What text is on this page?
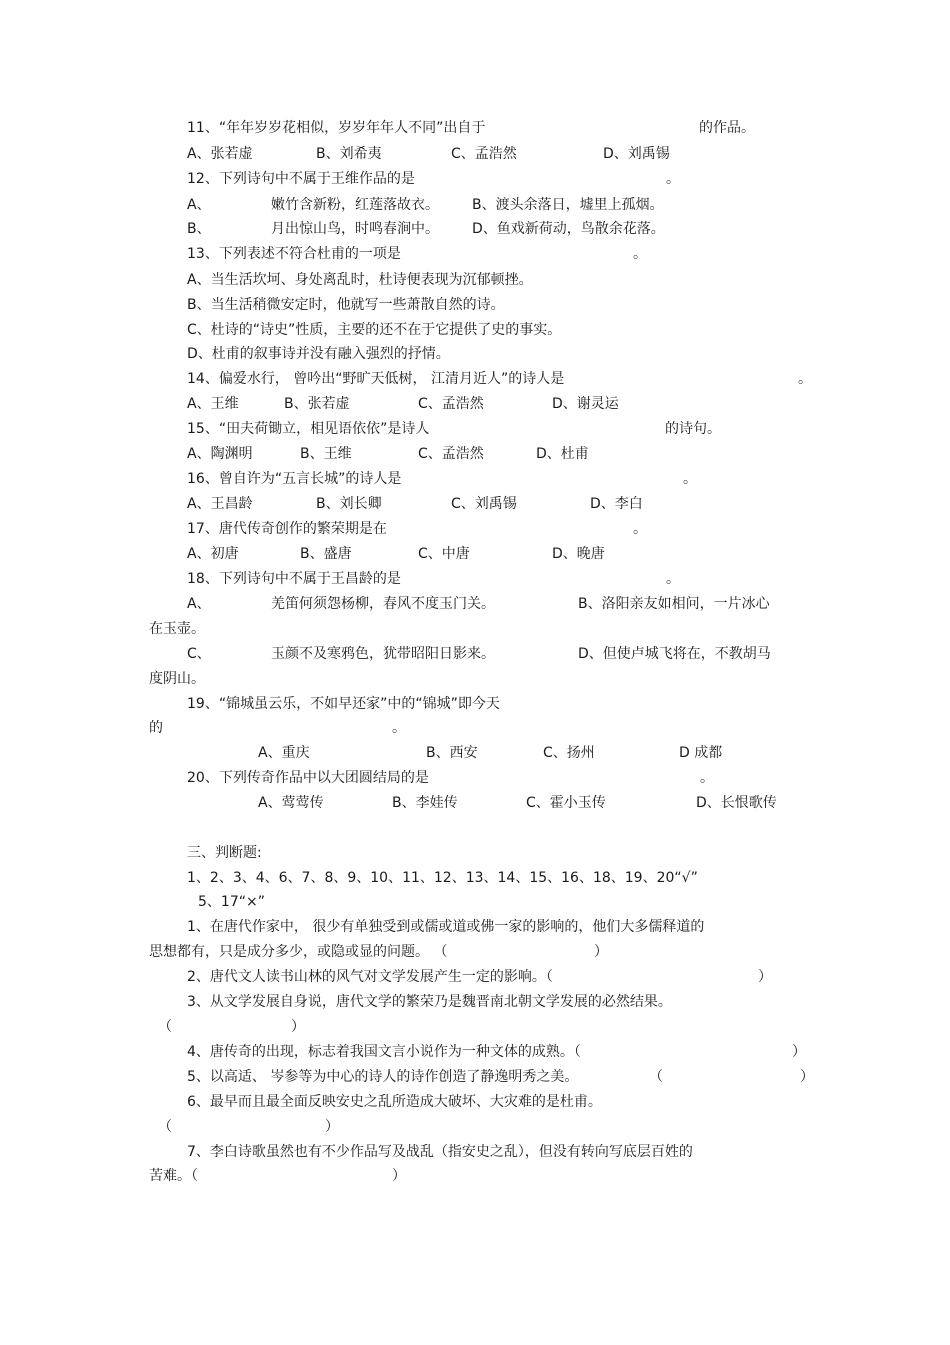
11、“年年岁岁花相似，岁岁年年人不同”出自于	的作品。
A、张若虚	B、刘希夷	C、孟浩然	D、刘禹锡
12、下列诗句中不属于王维作品的是	。
A、	嫩竹含新粉，红莲落故衣。 B、渡头余落日，墟里上孤烟。
B、	月出惊山鸟，时鸣春涧中。 D、鱼戏新荷动，鸟散余花落。
13、下列表述不符合杜甫的一项是	。
A、当生活坎坷、身处离乱时，杜诗便表现为沉郁顿挫。
B、当生活稍微安定时，他就写一些萧散自然的诗。
C、杜诗的“诗史”性质，主要的还不在于它提供了史的事实。
D、杜甫的叙事诗并没有融入强烈的抒情。
14、偏爱水行， 曾吟出“野旷天低树， 江清月近人”的诗人是	。
A、王维	B、张若虚	C、孟浩然	D、谢灵运
15、“田夫荷锄立，相见语依依”是诗人	的诗句。
A、陶渊明	B、王维	C、孟浩然	D、杜甫
16、曾自许为“五言长城”的诗人是	。
A、王昌龄	B、刘长卿	C、刘禹锡	D、李白
17、唐代传奇创作的繁荣期是在	。
A、初唐	B、盛唐	C、中唐	D、晚唐
18、下列诗句中不属于王昌龄的是	。
A、	羌笛何须怨杨柳，春风不度玉门关。	B、洛阳亲友如相问，一片冰心
在玉壶。
C、	玉颜不及寒鸦色，犹带昭阳日影来。	D、但使卢城飞将在，不教胡马
度阴山。
19、“锦城虽云乐，不如早还家”中的“锦城”即今天
的	。
A、重庆	B、西安	C、扬州	D 成都
20、下列传奇作品中以大团圆结局的是	。
A、莺莺传	B、李娃传	C、霍小玉传	D、长恨歌传
三、判断题:
1、2、3、4、6、7、8、9、10、11、12、13、14、15、16、18、19、20“√”
5、17“×”
1、在唐代作家中， 很少有单独受到或儒或道或佛一家的影响的，他们大多儒释道的
思想都有，只是成分多少，或隐或显的问题。 （	）
2、唐代文人读书山林的风气对文学发展产生一定的影响。（	）
3、从文学发展自身说，唐代文学的繁荣乃是魏晋南北朝文学发展的必然结果。
（	）
4、唐传奇的出现，标志着我国文言小说作为一种文体的成熟。（	）
5、以高适、 岑参等为中心的诗人的诗作创造了静逸明秀之美。	（	）
6、最早而且最全面反映安史之乱所造成大破坏、大灾难的是杜甫。
（	）
7、李白诗歌虽然也有不少作品写及战乱（指安史之乱），但没有转向写底层百姓的
苦难。（	）
